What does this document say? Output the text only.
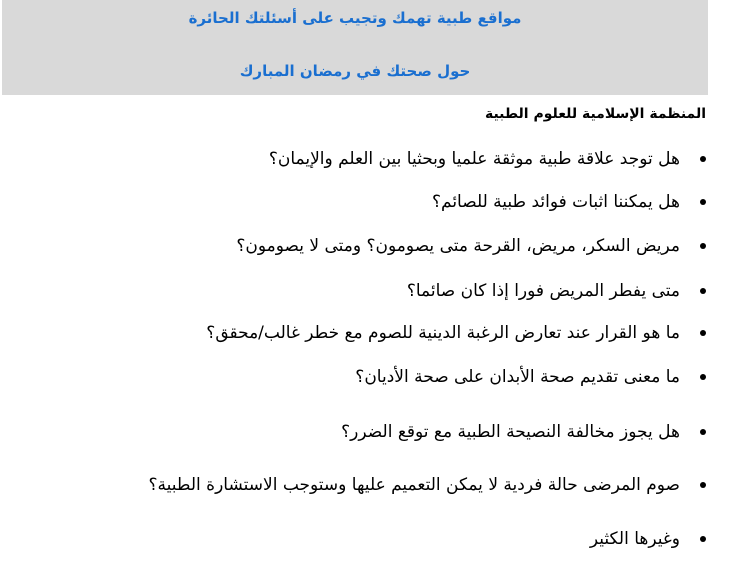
مواقع طبية تهمك وتجيب على أسئلتك الحائرة
حول صحتك في رمضان المبارك
المنظمة الإسلامية للعلوم الطبية
هل توجد علاقة طبية موثقة علميا وبحثيا بين العلم والإيمان؟
هل يمكننا اثبات فوائد طبية للصائم؟
مريض السكر، مريض، القرحة متى يصومون؟ ومتى لا يصومون؟
متى يفطر المريض فورا إذا كان صائما؟
ما هو القرار عند تعارض الرغبة الدينية للصوم مع خطر غالب/محقق؟
ما معنى تقديم صحة الأبدان على صحة الأديان؟
هل يجوز مخالفة النصيحة الطبية مع توقع الضرر؟
صوم المرضى حالة فردية لا يمكن التعميم عليها وستوجب الاستشارة الطبية؟
وغيرها الكثير
